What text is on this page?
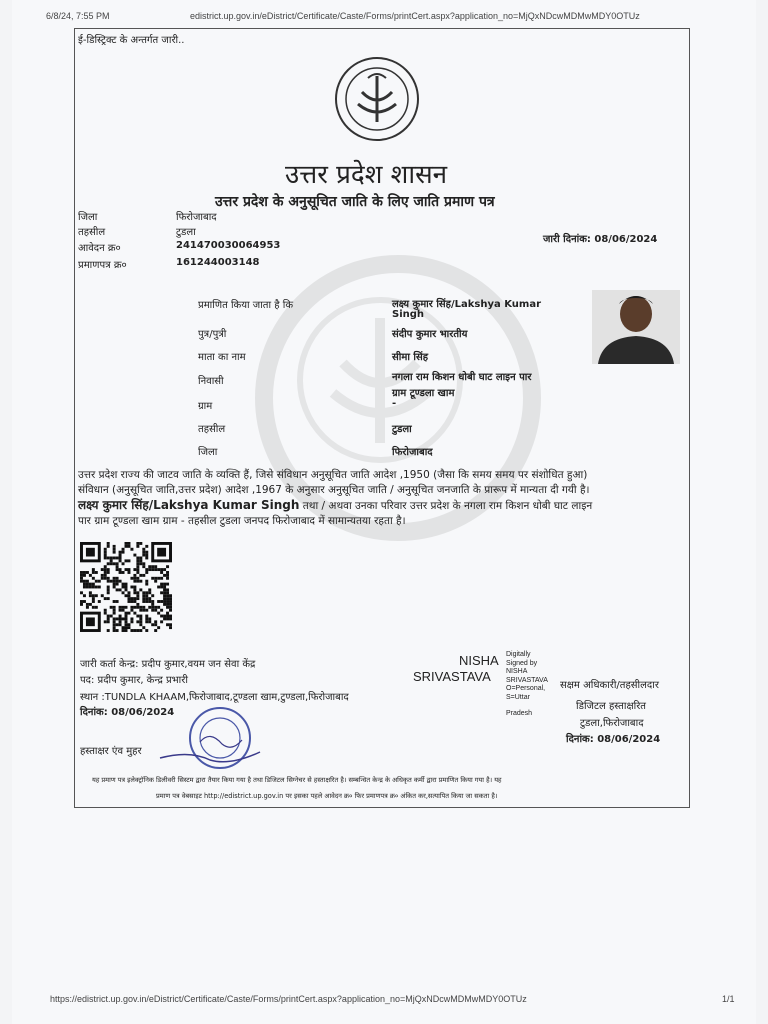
6/8/24, 7:55 PM	edistrict.up.gov.in/eDistrict/Certificate/Caste/Forms/printCert.aspx?application_no=MjQxNDcwMDMwMDY0OTUz
ई-डिस्ट्रिक्ट के अन्तर्गत जारी..
उत्तर प्रदेश शासन
उत्तर प्रदेश के अनुसूचित जाति के लिए जाति प्रमाण पत्र
जिला	फिरोजाबाद
तहसील	टुडला
आवेदन क्र०	241470030064953
प्रमाणपत्र क्र०	161244003148
जारी दिनांक: 08/06/2024
प्रमाणित किया जाता है कि	लक्ष्य कुमार सिंह/Lakshya Kumar
Singh
पुत्र/पुत्री	संदीप कुमार भारतीय
माता का नाम	सीमा सिंह
निवासी	नगला राम किशन धोबी घाट लाइन पार
ग्राम टूण्डला खाम
ग्राम	-
तहसील	टुडला
जिला	फिरोजाबाद
उत्तर प्रदेश राज्य की जाटव जाति के व्यक्ति हैं, जिसे संविधान अनुसूचित जाति आदेश ,1950 (जैसा कि समय समय पर संशोधित हुआ)
संविधान (अनुसूचित जाति,उत्तर प्रदेश) आदेश ,1967 के अनुसार अनुसूचित जाति / अनुसूचित जनजाति के प्रारूप में मान्यता दी गयी है।
लक्ष्य कुमार सिंह/Lakshya Kumar Singh तथा / अथवा उनका परिवार उत्तर प्रदेश के नगला राम किशन धोबी घाट लाइन
पार ग्राम टूण्डला खाम ग्राम - तहसील टुडला जनपद फिरोजाबाद में सामान्यतया रहता है।
जारी कर्ता केन्द्र: प्रदीप कुमार,वयम जन सेवा केंद्र
पद: प्रदीप कुमार, केन्द्र प्रभारी
स्थान :TUNDLA KHAAM,फिरोजाबाद,टूण्डला खाम,टुण्डला,फिरोजाबाद
दिनांक: 08/06/2024
हस्ताक्षर एंव मुहर
NISHA
SRIVASTAVA
Digitally
Signed by
NISHA
SRIVASTAVA
O=Personal,
S=Uttar
Pradesh
सक्षम अधिकारी/तहसीलदार
डिजिटल हस्ताक्षरित
टुडला,फिरोजाबाद
दिनांक: 08/06/2024
यह प्रमाण पत्र इलेक्ट्रॉनिक डिलीवरी सिस्टम द्वारा तैयार किया गया है तथा डिजिटल सिग्नेचर से हस्ताक्षरित है। सम्बन्धित केन्द्र के अधिकृत कर्मी द्वारा प्रमाणित किया गया है। यह
प्रमाण पत्र वेबसाइट http://edistrict.up.gov.in पर इसका पहले आवेदन क्र० फिर प्रमाणपत्र क्र० अंकित कर,सत्यापित किया जा सकता है।
https://edistrict.up.gov.in/eDistrict/Certificate/Caste/Forms/printCert.aspx?application_no=MjQxNDcwMDMwMDY0OTUz	1/1
